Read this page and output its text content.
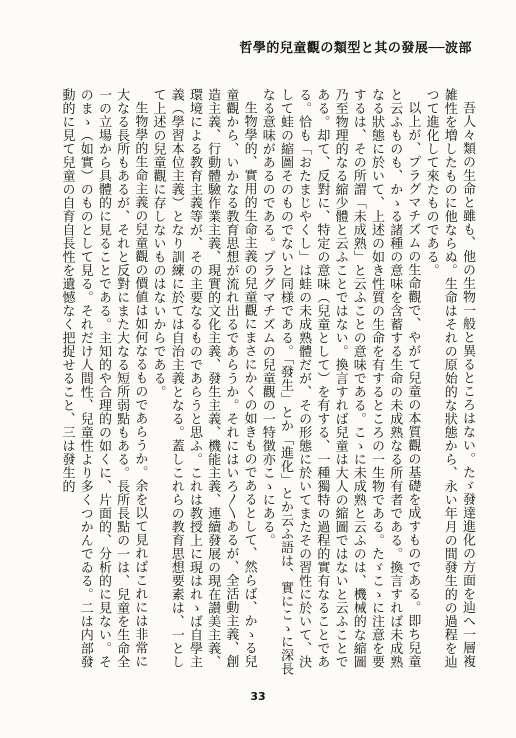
哲學的兒童觀の類型と其の發展──波部

吾人々類の生命と雖も、他の生物一般と異るところはない。たゞ發達進化の方面を辿へ一層複雑性を増したものに他ならぬ。生命はそれの原始的な狀態から、永い年月の間發生的の過程を辿つて進化して來たものである。

以上が、プラグマチズムの生命觀で、やがて兒童の本質觀の基礎を成すものである。即ち兒童と云ふものも、かゝる諸種の意味を含蓄する生命の未成熟なる所有者である。換言すれば未成熟なる狀態に於いて、上述の如き性質の生命を有するところの一生物である。たゞこゝに注意を要するは、その所謂「未成熟」と云ふことの意味である。こゝに未成熟と云ふのは、機械的な縮圖乃至物理的なる縮少體と云ふことではない。換言すれば兒童は大人の縮圖ではないと云ふことである。却て、反對に、特定の意味（兒童として）を有する、一種獨特の過程的實有なることである。恰も「おたまじやくし」は蛙の未成熟體だが、その形態に於いてまたその習性に於いて、決して蛙の縮圖そのものでないと同様である。「發生」とか「進化」とか云ふ語は、實にこゝに深長なる意味があるのである。プラグマチズムの兒童觀の一特徴亦こゝにある。

生物學的、實用的生命主義の兒童觀にまさにかくの如きものであるとして、然らば、かゝる兒童觀から、いかなる教育思想が流れ出るであらうか。それにはいろ〳〵あるが、全活動主義、創造主義、行動體驗作業主義、現實的文化主義、發生主義、機能主義、連續發展の現在讃美主義、環境による教育主義等が、その主要なるものであらうと思ふ。これは教授上に現はれゝば自學主義（學習本位主義）となり訓練に於ては自治主義となる。蓋しこれらの教育思想要素は、一として上述の兒童觀に存しないものはないからである。

生物學的生命主義の兒童觀の價値は如何なるものであらうか。余を以て見ればこれには非常に大なる長所もあるが、それと反對にまた大なる短所弱點もある。長所長點の一は、兒童を生命全一の立場から具體的に見ることである。主知的や合理的の如くに、片面的、分析的に見ない。そのまゝ（如實）のものとして見る。それだけ人間性、兒童性より多くつかんでゐる。二は内部發動的に見て兒童の自育自長性を遺憾なく把捉せること、三は發生的

33
